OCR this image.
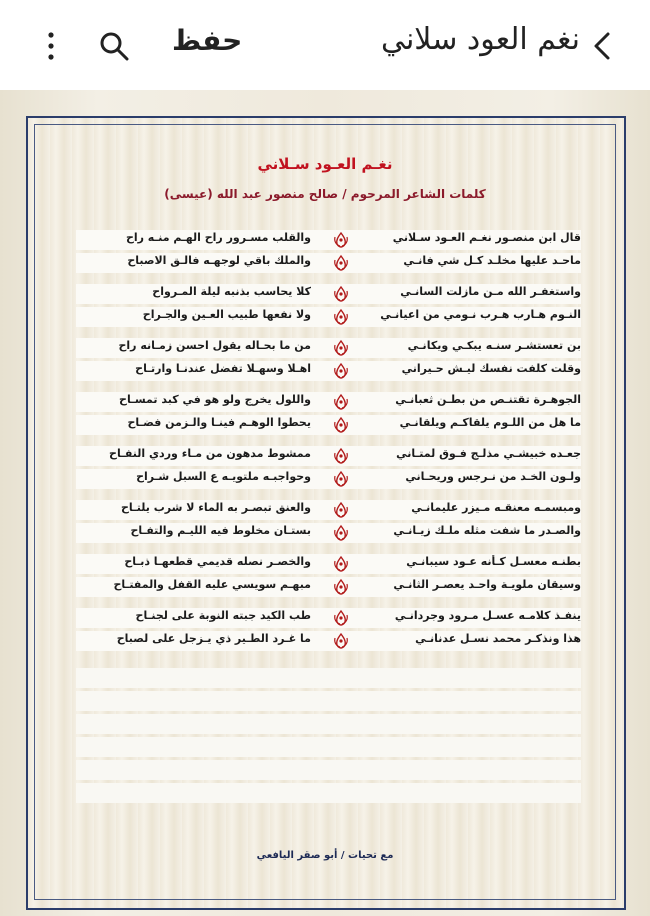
نغم العود سلاني
حفظ
نغـم العـود سـلاني
كلمات الشاعر المرحوم / صالح منصور عبد الله (عيسى)
قال ابن منصـور نغـم العـود سـلاني
والقلب مسـرور راح الهـم منـه راح
ماحـد عليها مخلـد كـل شي فانـي
والملك باقي لوجهـه فالـق الاصباح
واستغفـر الله مـن مازلت السانـي
كلا يحاسب بذنبه ليلة المـرواح
النـوم هـارب هـرب نـومي من اعيانـي
ولا نفعها طبيب العـين والجـراح
بن تعستشـر سنـه يبكـي ويكانـي
من ما بحـاله يقول احسن زمـانه راح
وقلت كلفت نفسك ليـش حـيراني
اهـلا وسهـلا تفضل عندنـا وارتـاح
الجوهـرة تقتنـص من بطـن ثعبانـي
واللول يخرج ولو هو في كبد تمسـاح
ما هل من اللـوم يلقاكـم ويلقانـي
يحطوا الوهـم فينـا والـزمن فضـاح
جعـده خبيشـي مذلـج فـوق لمتـاني
ممشوط مدهون من مـاء وردي النفـاح
ولـون الخـد من نـرجس وريحـاني
وحواجبـه ملتويـه ع السبل شـراح
ومبسمـه معنقـه مـيزر عليمانـي
والعنق تبصـر به الماء لا شرب يلتـاح
والصـدر ما شفت مثله ملـك زيـانـي
بستـان مخلوط فيه الليـم والتفـاح
بطنـه معسـل كـأنه عـود سيبانـي
والخصـر نصله قديمي قطعهـا ذبـاح
وسيقان ملويـة واحـد يعصـر الثانـي
مبهـم سويسي عليه القفل والمفتـاح
ينفـذ كلامـه عسـل مـرود وجردانـي
طب الكيد جبته النوبة على لجنـاح
هذا ونذكـر محمد نسـل عدنانـي
ما غـرد الطـير ذي يـزجل على لصباح
مع تحيات / أبو صقر اليافعي
